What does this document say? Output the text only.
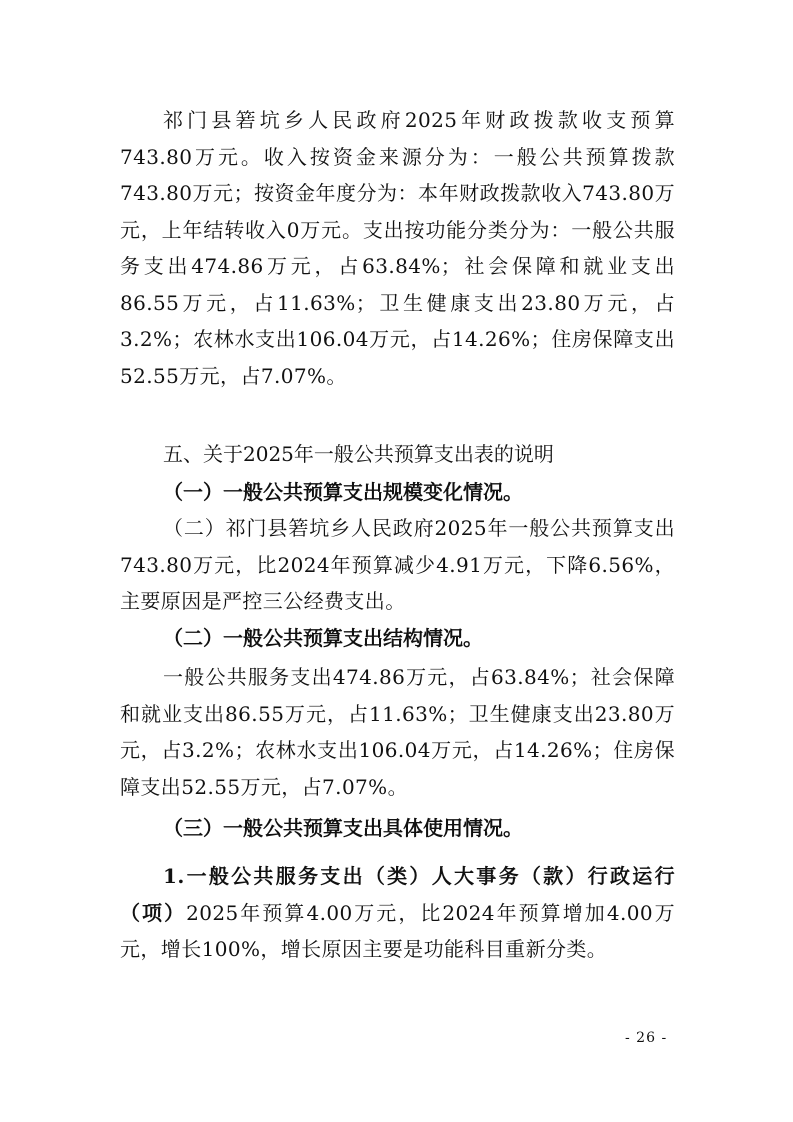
祁门县箬坑乡人民政府2025年财政拨款收支预算743.80万元。收入按资金来源分为：一般公共预算拨款743.80万元；按资金年度分为：本年财政拨款收入743.80万元，上年结转收入0万元。支出按功能分类分为：一般公共服务支出474.86万元，占63.84%；社会保障和就业支出86.55万元，占11.63%；卫生健康支出23.80万元，占3.2%；农林水支出106.04万元，占14.26%；住房保障支出52.55万元，占7.07%。

五、关于2025年一般公共预算支出表的说明

（一）一般公共预算支出规模变化情况。

（二）祁门县箬坑乡人民政府2025年一般公共预算支出743.80万元，比2024年预算减少4.91万元，下降6.56%，主要原因是严控三公经费支出。

（二）一般公共预算支出结构情况。

一般公共服务支出474.86万元，占63.84%；社会保障和就业支出86.55万元，占11.63%；卫生健康支出23.80万元，占3.2%；农林水支出106.04万元，占14.26%；住房保障支出52.55万元，占7.07%。

（三）一般公共预算支出具体使用情况。

1.一般公共服务支出（类）人大事务（款）行政运行（项）2025年预算4.00万元，比2024年预算增加4.00万元，增长100%，增长原因主要是功能科目重新分类。

- 26 -
